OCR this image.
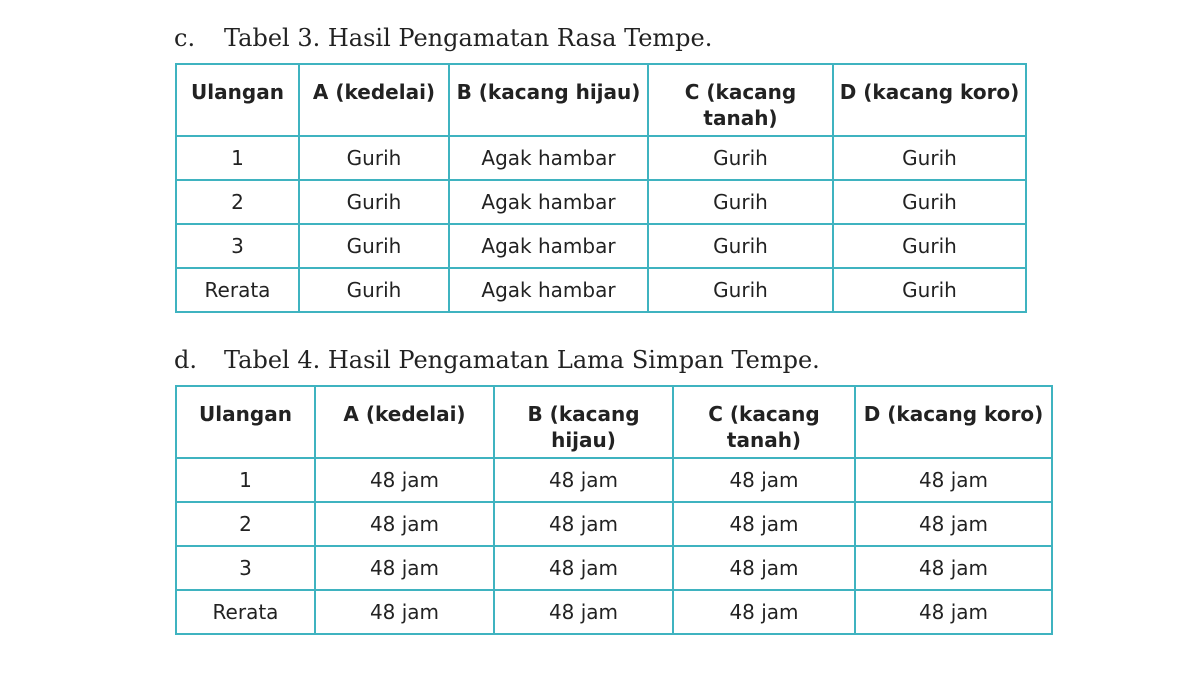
c. Tabel 3. Hasil Pengamatan Rasa Tempe.
Ulangan	A (kedelai)	B (kacang hijau)	C (kacang tanah)	D (kacang koro)
1	Gurih	Agak hambar	Gurih	Gurih
2	Gurih	Agak hambar	Gurih	Gurih
3	Gurih	Agak hambar	Gurih	Gurih
Rerata	Gurih	Agak hambar	Gurih	Gurih
d. Tabel 4. Hasil Pengamatan Lama Simpan Tempe.
Ulangan	A (kedelai)	B (kacang hijau)	C (kacang tanah)	D (kacang koro)
1	48 jam	48 jam	48 jam	48 jam
2	48 jam	48 jam	48 jam	48 jam
3	48 jam	48 jam	48 jam	48 jam
Rerata	48 jam	48 jam	48 jam	48 jam
